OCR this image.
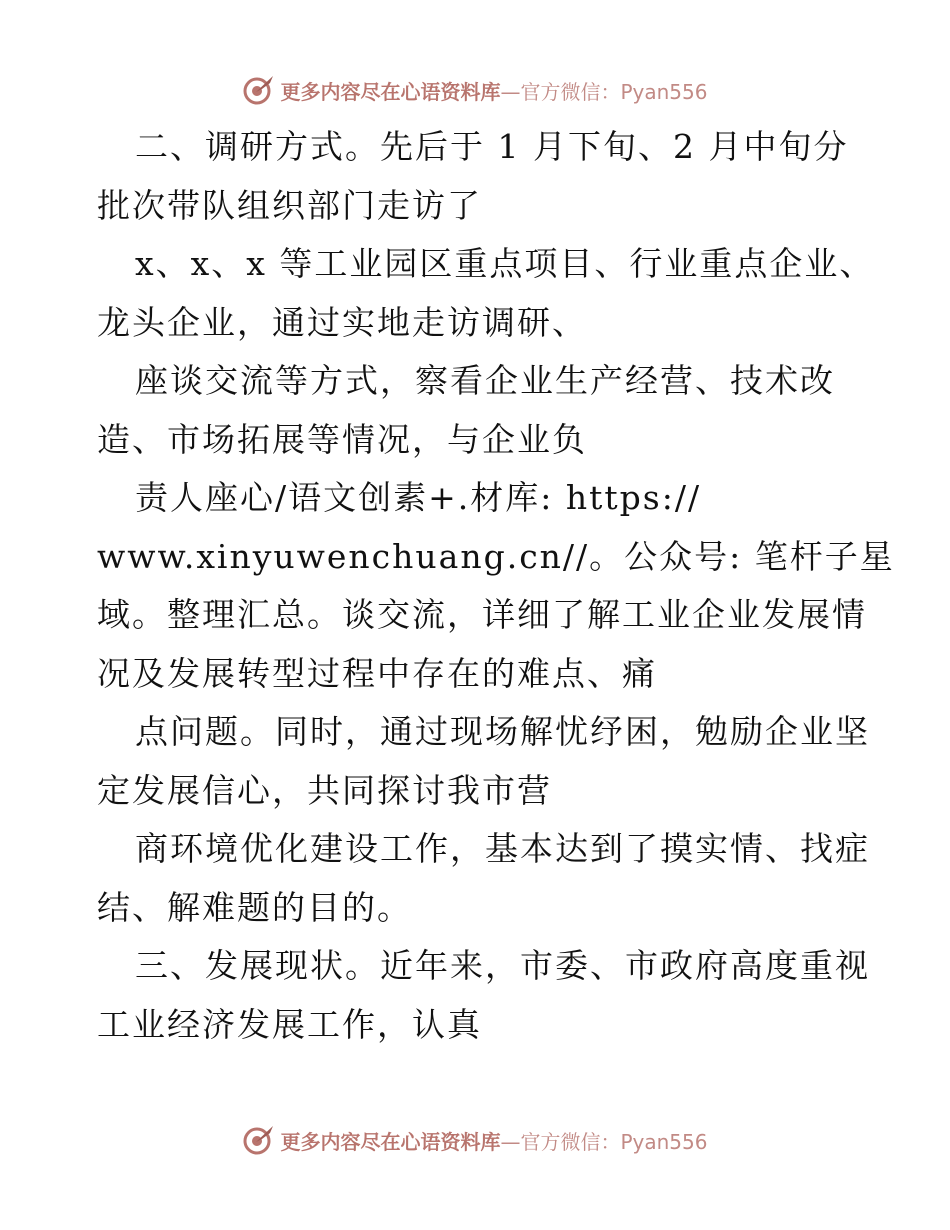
更多内容尽在心语资料库 —官方微信：Pyan556
二、调研方式。先后于 1 月下旬、2 月中旬分
批次带队组织部门走访了
x、x、x 等工业园区重点项目、行业重点企业、
龙头企业，通过实地走访调研、
座谈交流等方式，察看企业生产经营、技术改
造、市场拓展等情况，与企业负
责人座心/语文创素+.材库: https://
www.xinyuwenchuang.cn//。公众号: 笔杆子星
域。整理汇总。谈交流，详细了解工业企业发展情
况及发展转型过程中存在的难点、痛
点问题。同时，通过现场解忧纾困，勉励企业坚
定发展信心，共同探讨我市营
商环境优化建设工作，基本达到了摸实情、找症
结、解难题的目的。
三、发展现状。近年来，市委、市政府高度重视
工业经济发展工作，认真
更多内容尽在心语资料库 —官方微信：Pyan556
